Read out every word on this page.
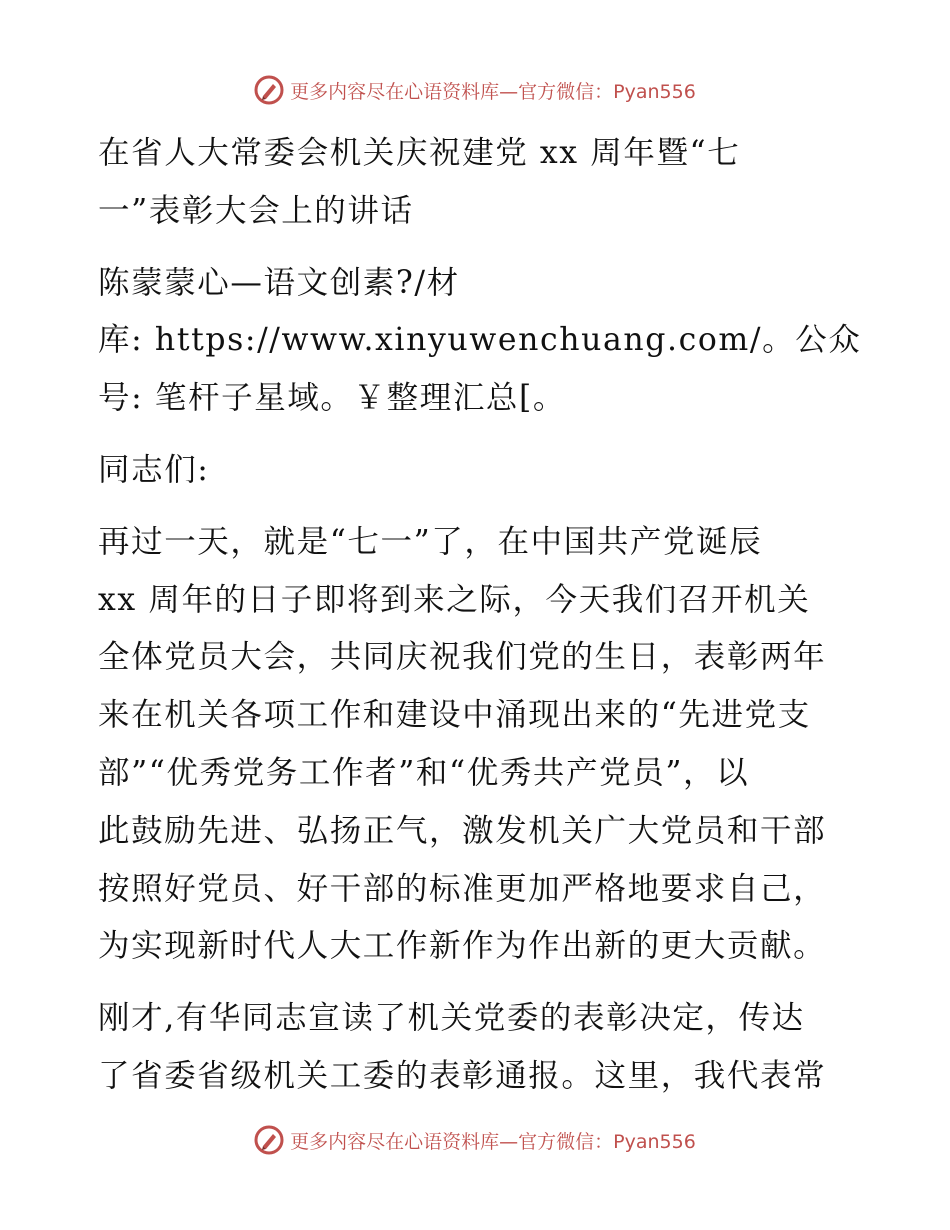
更多内容尽在心语资料库—官方微信：Pyan556
在省人大常委会机关庆祝建党 xx 周年暨“七
一”表彰大会上的讲话
陈蒙蒙心—语文创素?/材
库: https://www.xinyuwenchuang.com/。公众
号: 笔杆子星域。￥整理汇总[。
同志们:
再过一天，就是“七一”了，在中国共产党诞辰
xx 周年的日子即将到来之际，今天我们召开机关
全体党员大会，共同庆祝我们党的生日，表彰两年
来在机关各项工作和建设中涌现出来的“先进党支
部”“优秀党务工作者”和“优秀共产党员”，以
此鼓励先进、弘扬正气，激发机关广大党员和干部
按照好党员、好干部的标准更加严格地要求自己，
为实现新时代人大工作新作为作出新的更大贡献。
刚才,有华同志宣读了机关党委的表彰决定，传达
了省委省级机关工委的表彰通报。这里，我代表常
更多内容尽在心语资料库—官方微信：Pyan556
